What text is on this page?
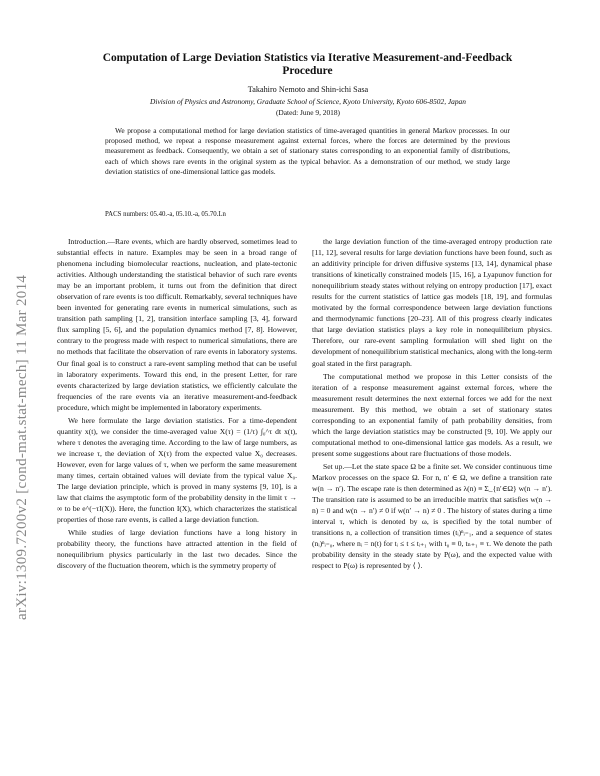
arXiv:1309.7200v2 [cond-mat.stat-mech] 11 Mar 2014
Computation of Large Deviation Statistics via Iterative Measurement-and-Feedback Procedure
Takahiro Nemoto and Shin-ichi Sasa
Division of Physics and Astronomy, Graduate School of Science, Kyoto University, Kyoto 606-8502, Japan
(Dated: June 9, 2018)
We propose a computational method for large deviation statistics of time-averaged quantities in general Markov processes. In our proposed method, we repeat a response measurement against external forces, where the forces are determined by the previous measurement as feedback. Consequently, we obtain a set of stationary states corresponding to an exponential family of distributions, each of which shows rare events in the original system as the typical behavior. As a demonstration of our method, we study large deviation statistics of one-dimensional lattice gas models.
PACS numbers: 05.40.-a, 05.10.-a, 05.70.Ln

Introduction.—Rare events, which are hardly observed, sometimes lead to substantial effects in nature. Examples may be seen in a broad range of phenomena including biomolecular reactions, nucleation, and plate-tectonic activities. Although understanding the statistical behavior of such rare events may be an important problem, it turns out from the definition that direct observation of rare events is too difficult. Remarkably, several techniques have been invented for generating rare events in numerical simulations, such as transition path sampling [1, 2], transition interface sampling [3, 4], forward flux sampling [5, 6], and the population dynamics method [7, 8]. However, contrary to the progress made with respect to numerical simulations, there are no methods that facilitate the observation of rare events in laboratory systems. Our final goal is to construct a rare-event sampling method that can be useful in laboratory experiments. Toward this end, in the present Letter, for rare events characterized by large deviation statistics, we efficiently calculate the frequencies of the rare events via an iterative measurement-and-feedback procedure, which might be implemented in laboratory experiments.

We here formulate the large deviation statistics. For a time-dependent quantity x(t), we consider the time-averaged value X(τ) = (1/τ) ∫₀^τ dt x(t), where τ denotes the averaging time. According to the law of large numbers, as we increase τ, the deviation of X(τ) from the expected value X₀ decreases. However, even for large values of τ, when we perform the same measurement many times, certain obtained values will deviate from the typical value X₀. The large deviation principle, which is proved in many systems [9, 10], is a law that claims the asymptotic form of the probability density in the limit τ → ∞ to be e^(−τI(X)). Here, the function I(X), which characterizes the statistical properties of those rare events, is called a large deviation function.

While studies of large deviation functions have a long history in probability theory, the functions have attracted attention in the field of nonequilibrium physics particularly in the last two decades. Since the discovery of the fluctuation theorem, which is the symmetry property of

the large deviation function of the time-averaged entropy production rate [11, 12], several results for large deviation functions have been found, such as an additivity principle for driven diffusive systems [13, 14], dynamical phase transitions of kinetically constrained models [15, 16], a Lyapunov function for nonequilibrium steady states without relying on entropy production [17], exact results for the current statistics of lattice gas models [18, 19], and formulas motivated by the formal correspondence between large deviation functions and thermodynamic functions [20–23]. All of this progress clearly indicates that large deviation statistics plays a key role in nonequilibrium physics. Therefore, our rare-event sampling formulation will shed light on the development of nonequilibrium statistical mechanics, along with the long-term goal stated in the first paragraph.

The computational method we propose in this Letter consists of the iteration of a response measurement against external forces, where the measurement result determines the next external forces we add for the next measurement. By this method, we obtain a set of stationary states corresponding to an exponential family of path probability densities, from which the large deviation statistics may be constructed [9, 10]. We apply our computational method to one-dimensional lattice gas models. As a result, we present some suggestions about rare fluctuations of those models.

Set up.—Let the state space Ω be a finite set. We consider continuous time Markov processes on the space Ω. For n, n′ ∈ Ω, we define a transition rate w(n → n′). The escape rate is then determined as λ(n) ≡ Σ_{n′∈Ω} w(n → n′). The transition rate is assumed to be an irreducible matrix that satisfies w(n → n) = 0 and w(n → n′) ≠ 0 if w(n′ → n) ≠ 0 . The history of states during a time interval τ, which is denoted by ω, is specified by the total number of transitions n, a collection of transition times (tᵢ)ⁿᵢ₌₁, and a sequence of states (nᵢ)ⁿᵢ₌₀, where nᵢ = n(t) for tᵢ ≤ t ≤ tᵢ₊₁ with t₀ ≡ 0, tₙ₊₁ ≡ τ. We denote the path probability density in the steady state by P(ω), and the expected value with respect to P(ω) is represented by ⟨ ⟩.
